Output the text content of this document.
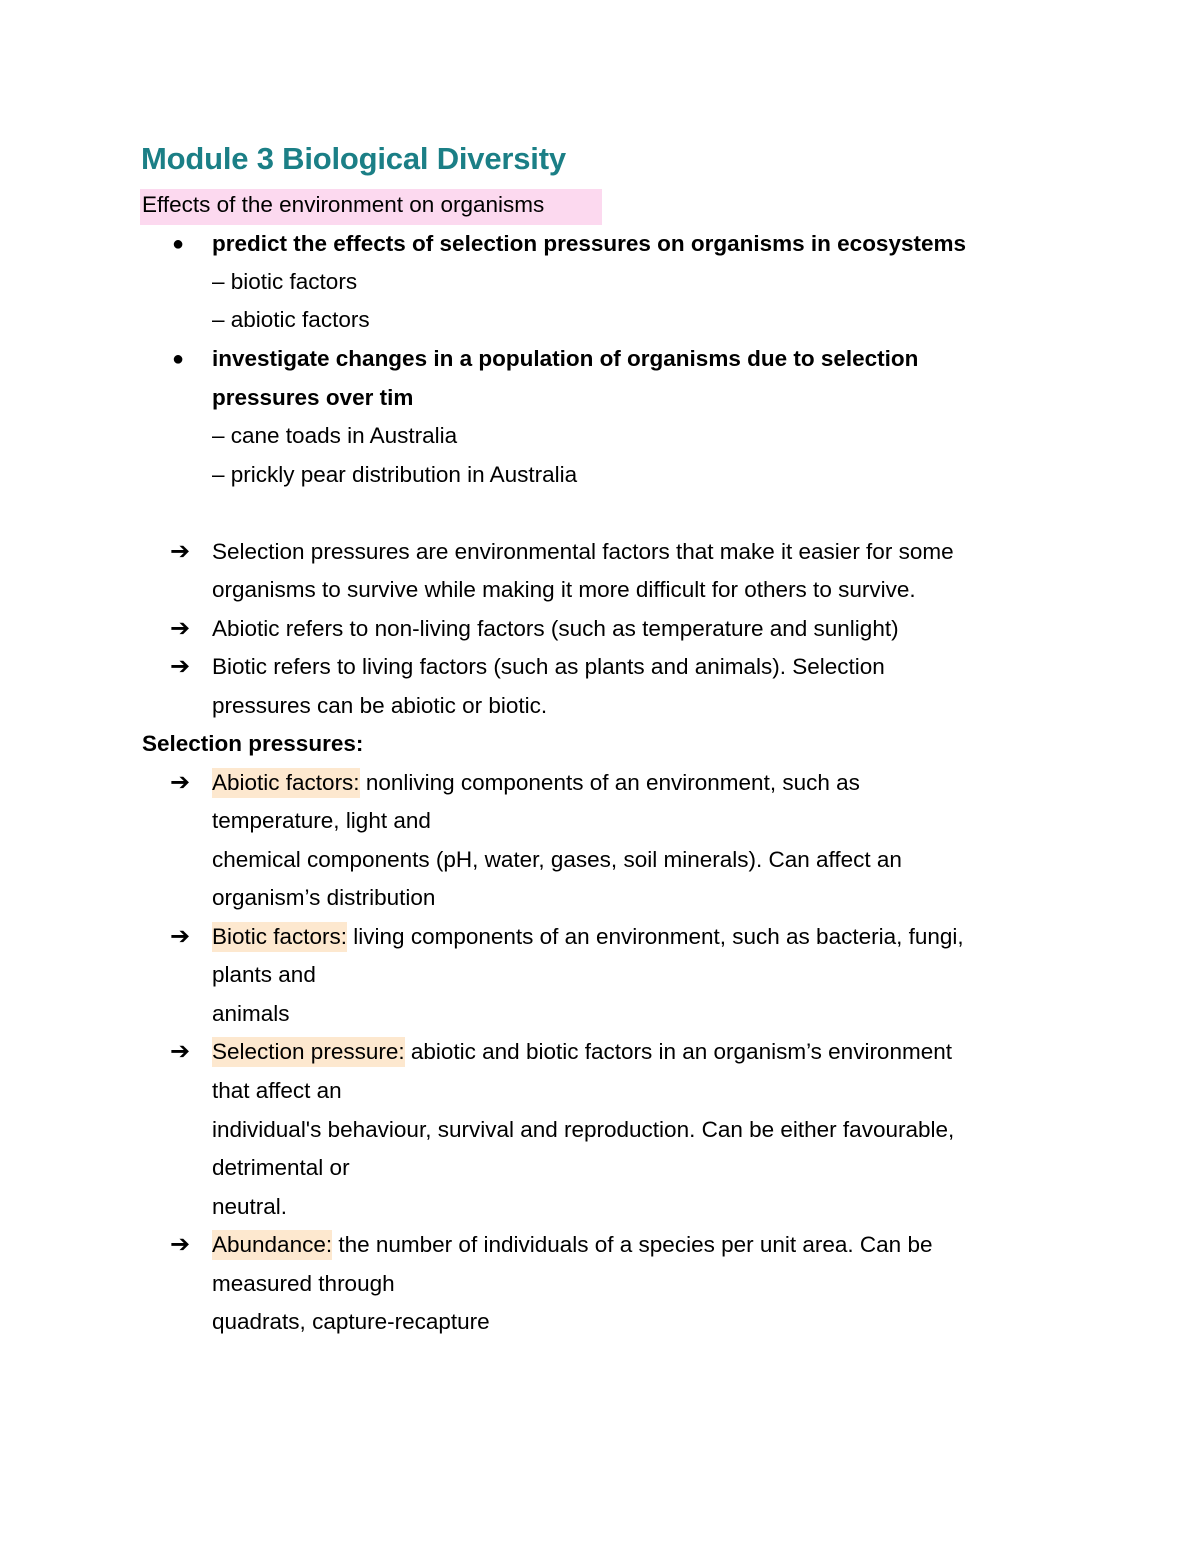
Module 3 Biological Diversity
Effects of the environment on organisms
● predict the effects of selection pressures on organisms in ecosystems
– biotic factors
– abiotic factors
● investigate changes in a population of organisms due to selection
pressures over tim
– cane toads in Australia
– prickly pear distribution in Australia
➔ Selection pressures are environmental factors that make it easier for some
organisms to survive while making it more difficult for others to survive.
➔ Abiotic refers to non-living factors (such as temperature and sunlight)
➔ Biotic refers to living factors (such as plants and animals). Selection
pressures can be abiotic or biotic.
Selection pressures:
➔ Abiotic factors: nonliving components of an environment, such as
temperature, light and
chemical components (pH, water, gases, soil minerals). Can affect an
organism’s distribution
➔ Biotic factors: living components of an environment, such as bacteria, fungi,
plants and
animals
➔ Selection pressure: abiotic and biotic factors in an organism’s environment
that affect an
individual's behaviour, survival and reproduction. Can be either favourable,
detrimental or
neutral.
➔ Abundance: the number of individuals of a species per unit area. Can be
measured through
quadrats, capture-recapture
